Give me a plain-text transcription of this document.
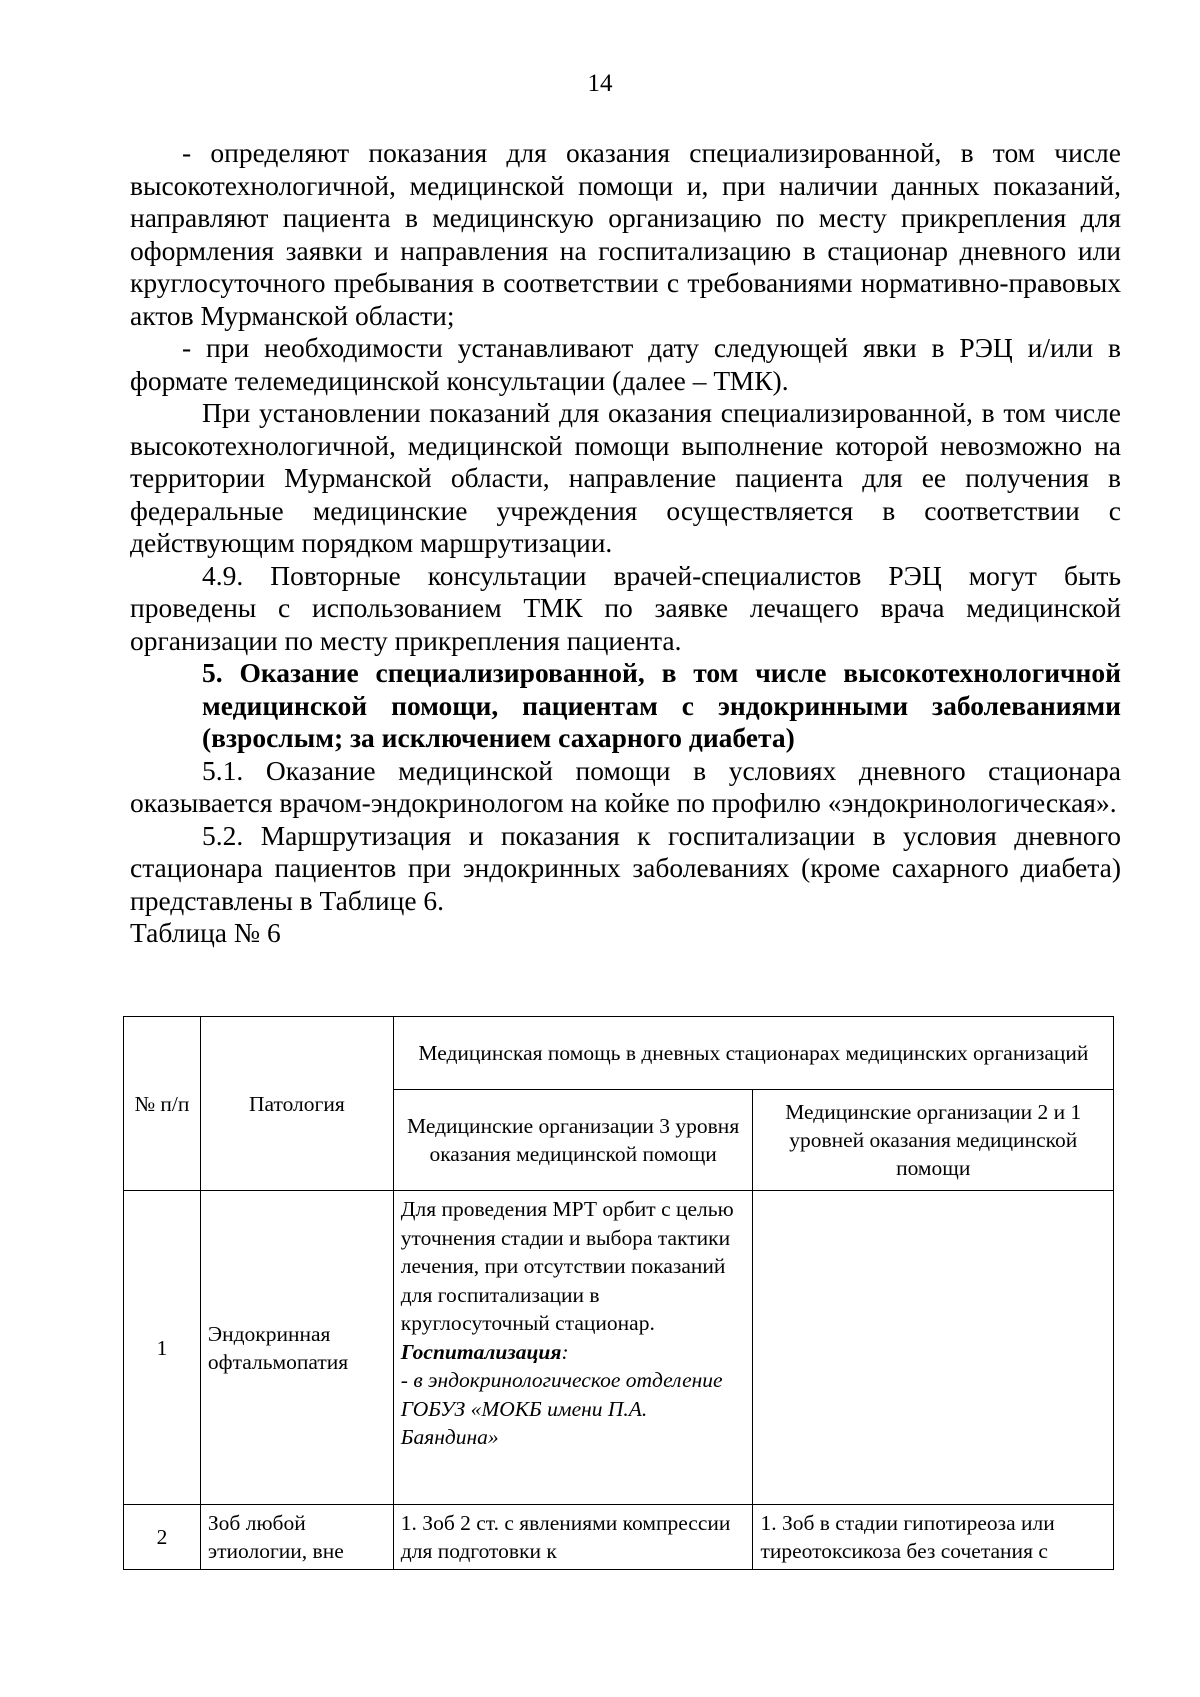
14

- определяют показания для оказания специализированной, в том числе высокотехнологичной, медицинской помощи и, при наличии данных показаний, направляют пациента в медицинскую организацию по месту прикрепления для оформления заявки и направления на госпитализацию в стационар дневного или круглосуточного пребывания в соответствии с требованиями нормативно-правовых актов Мурманской области;

- при необходимости устанавливают дату следующей явки в РЭЦ и/или в формате телемедицинской консультации (далее – ТМК).

При установлении показаний для оказания специализированной, в том числе высокотехнологичной, медицинской помощи выполнение которой невозможно на территории Мурманской области, направление пациента для ее получения в федеральные медицинские учреждения осуществляется в соответствии с действующим порядком маршрутизации.

4.9. Повторные консультации врачей-специалистов РЭЦ могут быть проведены с использованием ТМК по заявке лечащего врача медицинской организации по месту прикрепления пациента.

5. Оказание специализированной, в том числе высокотехнологичной медицинской помощи, пациентам с эндокринными заболеваниями (взрослым; за исключением сахарного диабета)

5.1. Оказание медицинской помощи в условиях дневного стационара оказывается врачом-эндокринологом на койке по профилю «эндокринологическая».

5.2. Маршрутизация и показания к госпитализации в условия дневного стационара пациентов при эндокринных заболеваниях (кроме сахарного диабета) представлены в Таблице 6.

Таблица № 6

№ п/п	Патология	Медицинская помощь в дневных стационарах медицинских организаций	
		Медицинские организации 3 уровня оказания медицинской помощи	Медицинские организации 2 и 1 уровней оказания медицинской помощи
1	Эндокринная офтальмопатия	Для проведения МРТ орбит с целью уточнения стадии и выбора тактики лечения, при отсутствии показаний для госпитализации в круглосуточный стационар.
Госпитализация:
- в эндокринологическое отделение ГОБУЗ «МОКБ имени П.А. Баяндина»	
2	Зоб любой этиологии, вне	1. Зоб 2 ст. с явлениями компрессии для подготовки к	1. Зоб в стадии гипотиреоза или тиреотоксикоза без сочетания с
